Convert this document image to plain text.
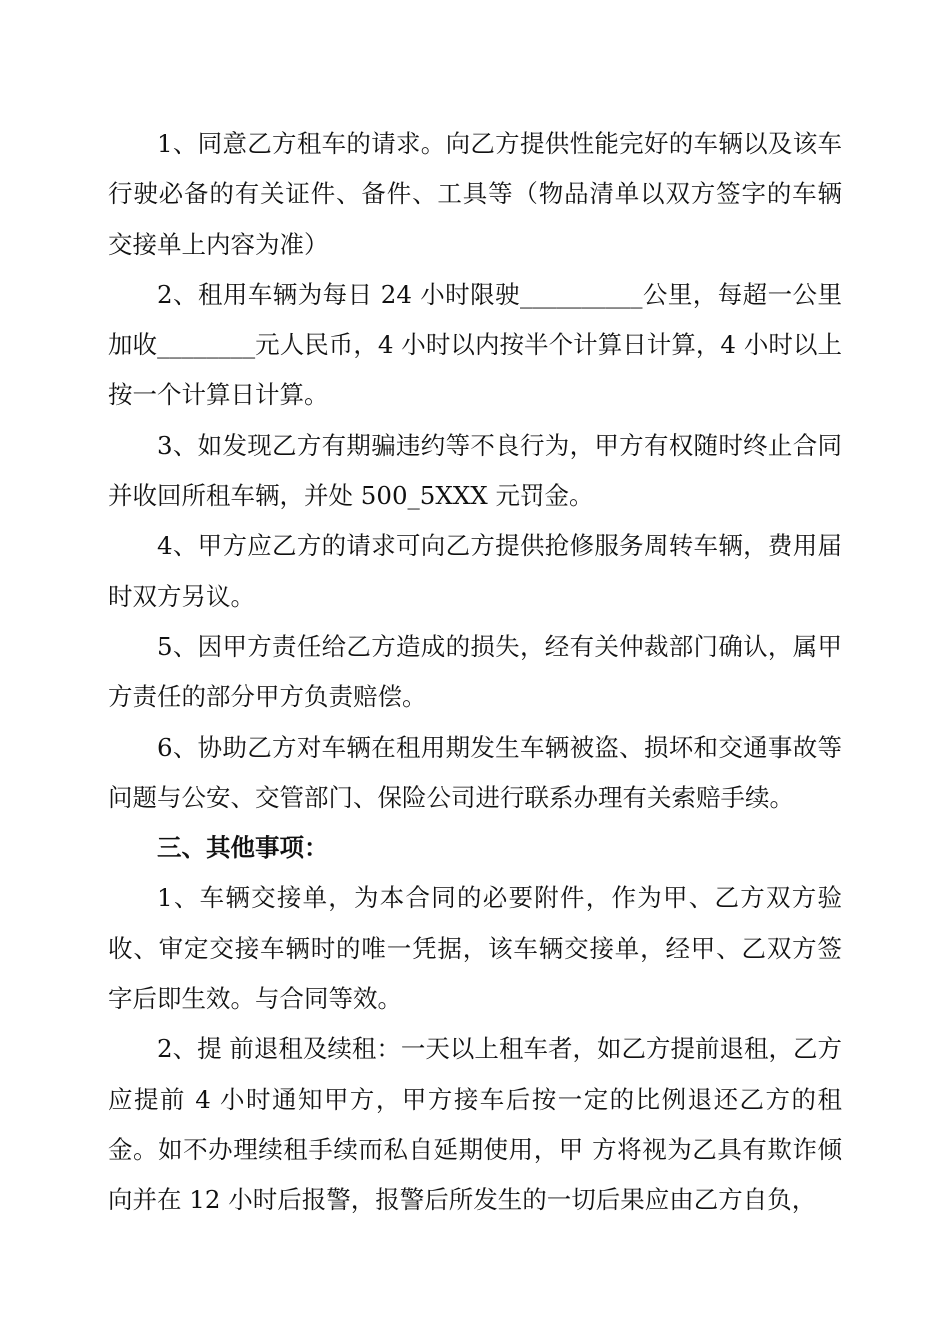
1、同意乙方租车的请求。向乙方提供性能完好的车辆以及该车行驶必备的有关证件、备件、工具等（物品清单以双方签字的车辆交接单上内容为准）

2、租用车辆为每日 24 小时限驶__________公里，每超一公里加收________元人民币，4 小时以内按半个计算日计算，4 小时以上按一个计算日计算。

3、如发现乙方有期骗违约等不良行为，甲方有权随时终止合同并收回所租车辆，并处 500_5XXX 元罚金。

4、甲方应乙方的请求可向乙方提供抢修服务周转车辆，费用届时双方另议。

5、因甲方责任给乙方造成的损失，经有关仲裁部门确认，属甲方责任的部分甲方负责赔偿。

6、协助乙方对车辆在租用期发生车辆被盗、损坏和交通事故等问题与公安、交管部门、保险公司进行联系办理有关索赔手续。

三、其他事项：

1、车辆交接单，为本合同的必要附件，作为甲、乙方双方验收、审定交接车辆时的唯一凭据，该车辆交接单，经甲、乙双方签字后即生效。与合同等效。

2、提 前退租及续租：一天以上租车者，如乙方提前退租，乙方应提前 4 小时通知甲方，甲方接车后按一定的比例退还乙方的租金。如不办理续租手续而私自延期使用，甲 方将视为乙具有欺诈倾向并在 12 小时后报警，报警后所发生的一切后果应由乙方自负，
